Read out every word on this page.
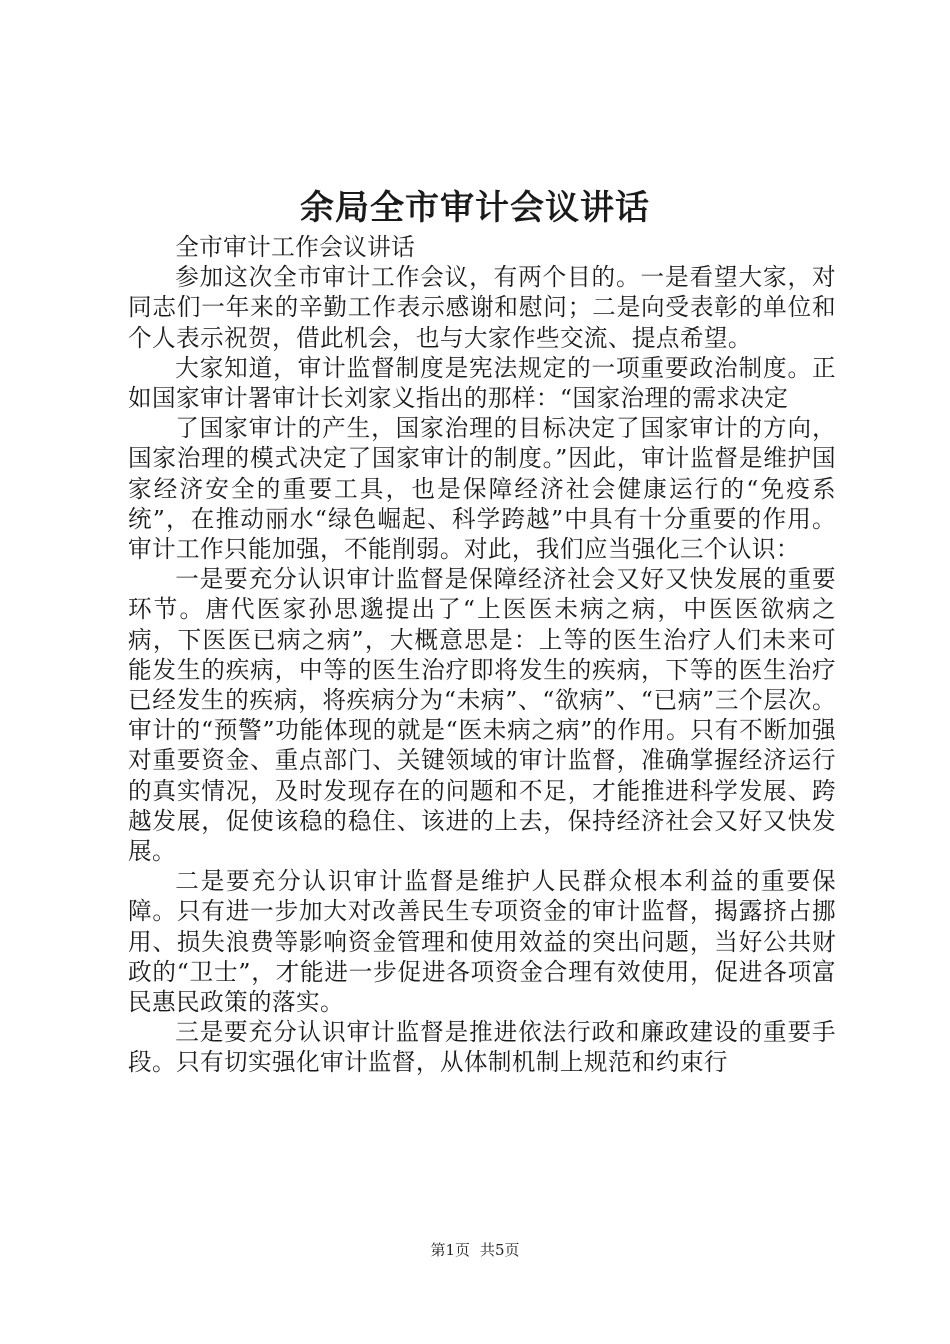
余局全市审计会议讲话

全市审计工作会议讲话

参加这次全市审计工作会议，有两个目的。一是看望大家，对同志们一年来的辛勤工作表示感谢和慰问；二是向受表彰的单位和个人表示祝贺，借此机会，也与大家作些交流、提点希望。

大家知道，审计监督制度是宪法规定的一项重要政治制度。正如国家审计署审计长刘家义指出的那样：“国家治理的需求决定

了国家审计的产生，国家治理的目标决定了国家审计的方向，国家治理的模式决定了国家审计的制度。”因此，审计监督是维护国家经济安全的重要工具，也是保障经济社会健康运行的“免疫系统”，在推动丽水“绿色崛起、科学跨越”中具有十分重要的作用。审计工作只能加强，不能削弱。对此，我们应当强化三个认识：

一是要充分认识审计监督是保障经济社会又好又快发展的重要环节。唐代医家孙思邈提出了“上医医未病之病，中医医欲病之病，下医医已病之病”，大概意思是：上等的医生治疗人们未来可能发生的疾病，中等的医生治疗即将发生的疾病，下等的医生治疗已经发生的疾病，将疾病分为“未病”、“欲病”、“已病”三个层次。审计的“预警”功能体现的就是“医未病之病”的作用。只有不断加强对重要资金、重点部门、关键领域的审计监督，准确掌握经济运行的真实情况，及时发现存在的问题和不足，才能推进科学发展、跨越发展，促使该稳的稳住、该进的上去，保持经济社会又好又快发展。

二是要充分认识审计监督是维护人民群众根本利益的重要保障。只有进一步加大对改善民生专项资金的审计监督，揭露挤占挪用、损失浪费等影响资金管理和使用效益的突出问题，当好公共财政的“卫士”，才能进一步促进各项资金合理有效使用，促进各项富民惠民政策的落实。

三是要充分认识审计监督是推进依法行政和廉政建设的重要手段。只有切实强化审计监督，从体制机制上规范和约束行

第1页 共5页
